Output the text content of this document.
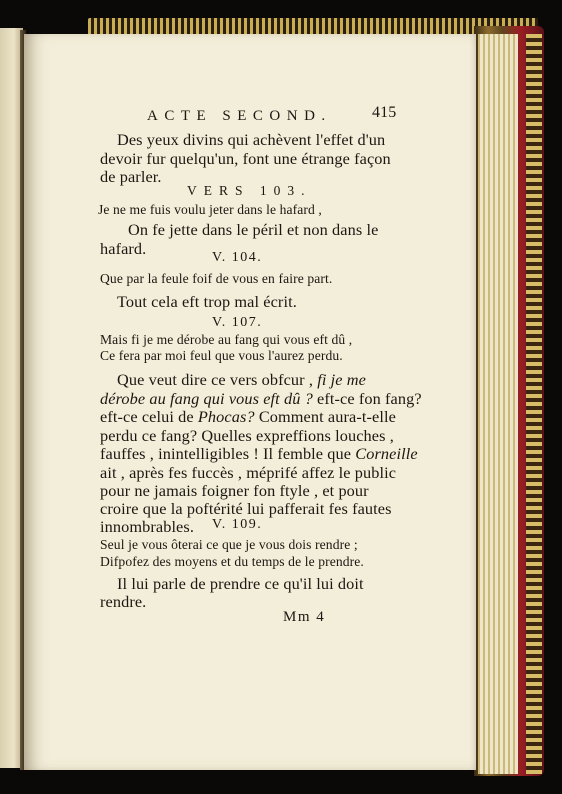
ACTE SECOND.	415
Des yeux divins qui achèvent l'effet d'un
devoir fur quelqu'un, font une étrange façon
de parler.
VERS 103.
Je ne me fuis voulu jeter dans le hafard ,
On fe jette dans le péril et non dans le
hafard.	V. 104.
Que par la feule foif de vous en faire part.
Tout cela eft trop mal écrit.
V. 107.
Mais fi je me dérobe au fang qui vous eft dû ,
Ce fera par moi feul que vous l'aurez perdu.
Que veut dire ce vers obfcur , fi je me
dérobe au fang qui vous eft dû ? eft-ce fon fang?
eft-ce celui de Phocas? Comment aura-t-elle
perdu ce fang? Quelles expreffions louches ,
fauffes , inintelligibles ! Il femble que Corneille
ait , après fes fuccès , méprifé affez le public
pour ne jamais foigner fon ftyle , et pour
croire que la poftérité lui pafferait fes fautes
innombrables. V. 109.
Seul je vous ôterai ce que je vous dois rendre ;
Difpofez des moyens et du temps de le prendre.
Il lui parle de prendre ce qu'il lui doit
rendre.
Mm 4
